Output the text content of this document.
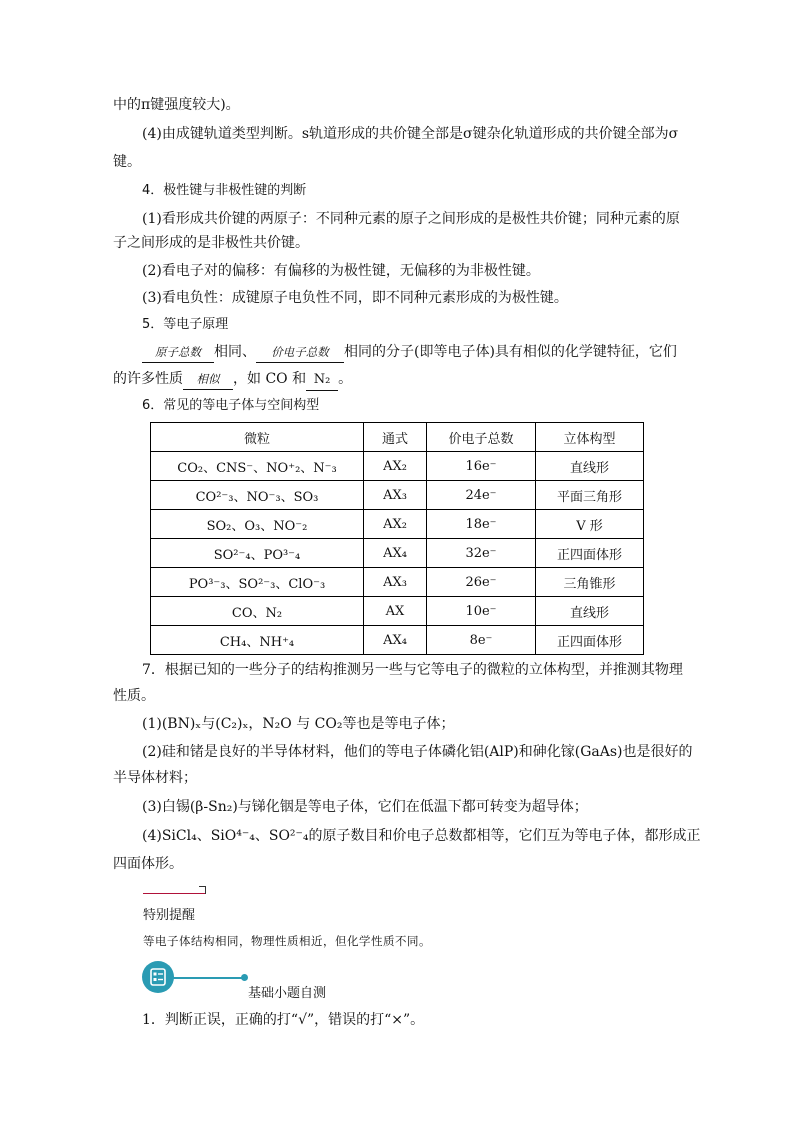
中的π键强度较大)。
(4)由成键轨道类型判断。s轨道形成的共价键全部是σ键杂化轨道形成的共价键全部为σ
键。
4．极性键与非极性键的判断
(1)看形成共价键的两原子：不同种元素的原子之间形成的是极性共价键；同种元素的原
子之间形成的是非极性共价键。
(2)看电子对的偏移：有偏移的为极性键，无偏移的为非极性键。
(3)看电负性：成键原子电负性不同，即不同种元素形成的为极性键。
5．等电子原理
原子总数 相同、 价电子总数 相同的分子(即等电子体)具有相似的化学键特征，它们
的许多性质 相似 ，如 CO 和 N₂ 。
6．常见的等电子体与空间构型
微粒	通式	价电子总数	立体构型
CO₂、CNS⁻、NO⁺₂、N⁻₃	AX₂	16e⁻	直线形
CO²⁻₃、NO⁻₃、SO₃	AX₃	24e⁻	平面三角形
SO₂、O₃、NO⁻₂	AX₂	18e⁻	V 形
SO²⁻₄、PO³⁻₄	AX₄	32e⁻	正四面体形
PO³⁻₃、SO²⁻₃、ClO⁻₃	AX₃	26e⁻	三角锥形
CO、N₂	AX	10e⁻	直线形
CH₄、NH⁺₄	AX₄	8e⁻	正四面体形
7．根据已知的一些分子的结构推测另一些与它等电子的微粒的立体构型，并推测其物理
性质。
(1)(BN)ₓ与(C₂)ₓ，N₂O 与 CO₂等也是等电子体；
(2)硅和锗是良好的半导体材料，他们的等电子体磷化铝(AlP)和砷化镓(GaAs)也是很好的
半导体材料；
(3)白锡(β-Sn₂)与锑化铟是等电子体，它们在低温下都可转变为超导体；
(4)SiCl₄、SiO⁴⁻₄、SO²⁻₄的原子数目和价电子总数都相等，它们互为等电子体，都形成正
四面体形。
特别提醒
等电子体结构相同，物理性质相近，但化学性质不同。
基础小题自测
1．判断正误，正确的打“√”，错误的打“×”。
